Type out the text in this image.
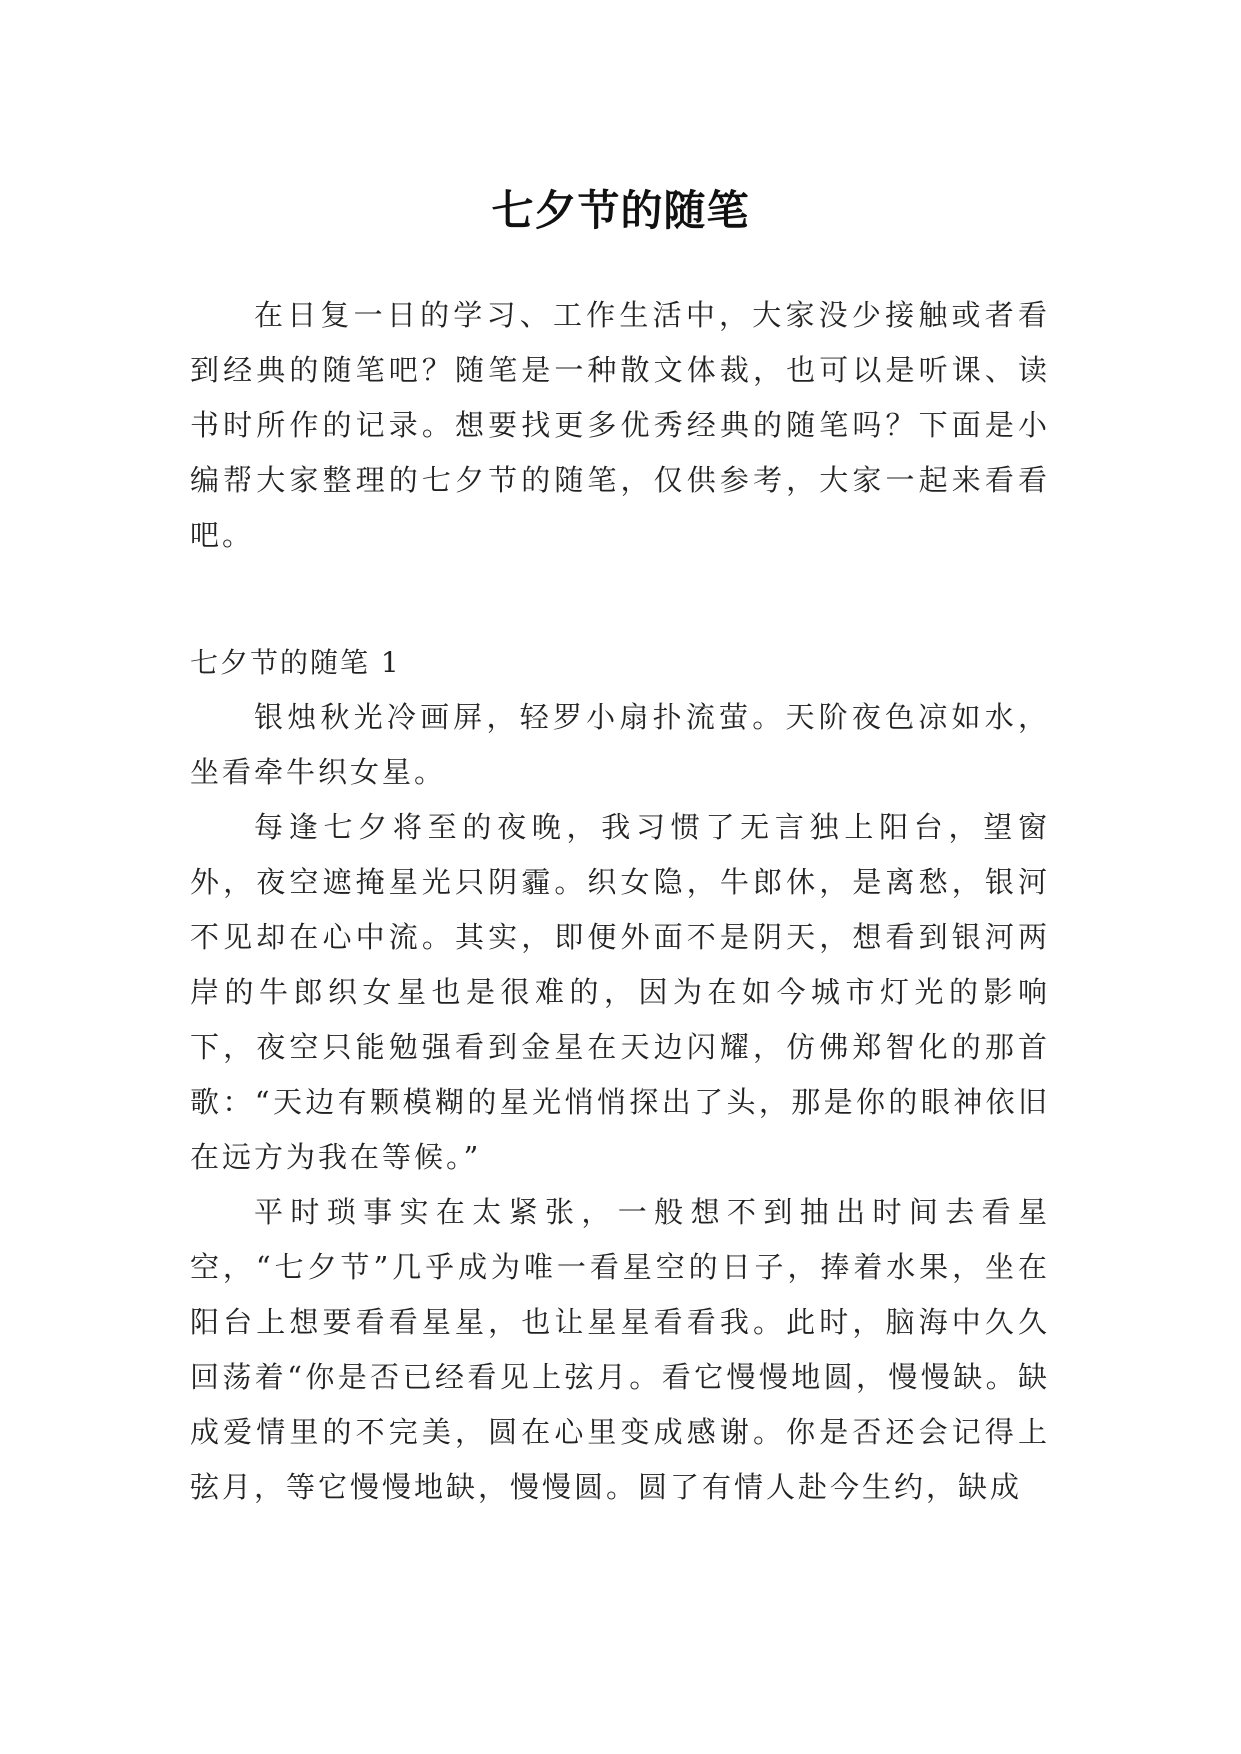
七夕节的随笔

在日复一日的学习、工作生活中，大家没少接触或者看到经典的随笔吧？随笔是一种散文体裁，也可以是听课、读书时所作的记录。想要找更多优秀经典的随笔吗？下面是小编帮大家整理的七夕节的随笔，仅供参考，大家一起来看看吧。

七夕节的随笔 1

银烛秋光冷画屏，轻罗小扇扑流萤。天阶夜色凉如水，坐看牵牛织女星。

每逢七夕将至的夜晚，我习惯了无言独上阳台，望窗外，夜空遮掩星光只阴霾。织女隐，牛郎休，是离愁，银河不见却在心中流。其实，即便外面不是阴天，想看到银河两岸的牛郎织女星也是很难的，因为在如今城市灯光的影响下，夜空只能勉强看到金星在天边闪耀，仿佛郑智化的那首歌：“天边有颗模糊的星光悄悄探出了头，那是你的眼神依旧在远方为我在等候。”

平时琐事实在太紧张，一般想不到抽出时间去看星空，“七夕节”几乎成为唯一看星空的日子，捧着水果，坐在阳台上想要看看星星，也让星星看看我。此时，脑海中久久回荡着“你是否已经看见上弦月。看它慢慢地圆，慢慢缺。缺成爱情里的不完美，圆在心里变成感谢。你是否还会记得上弦月，等它慢慢地缺，慢慢圆。圆了有情人赴今生约，缺成
